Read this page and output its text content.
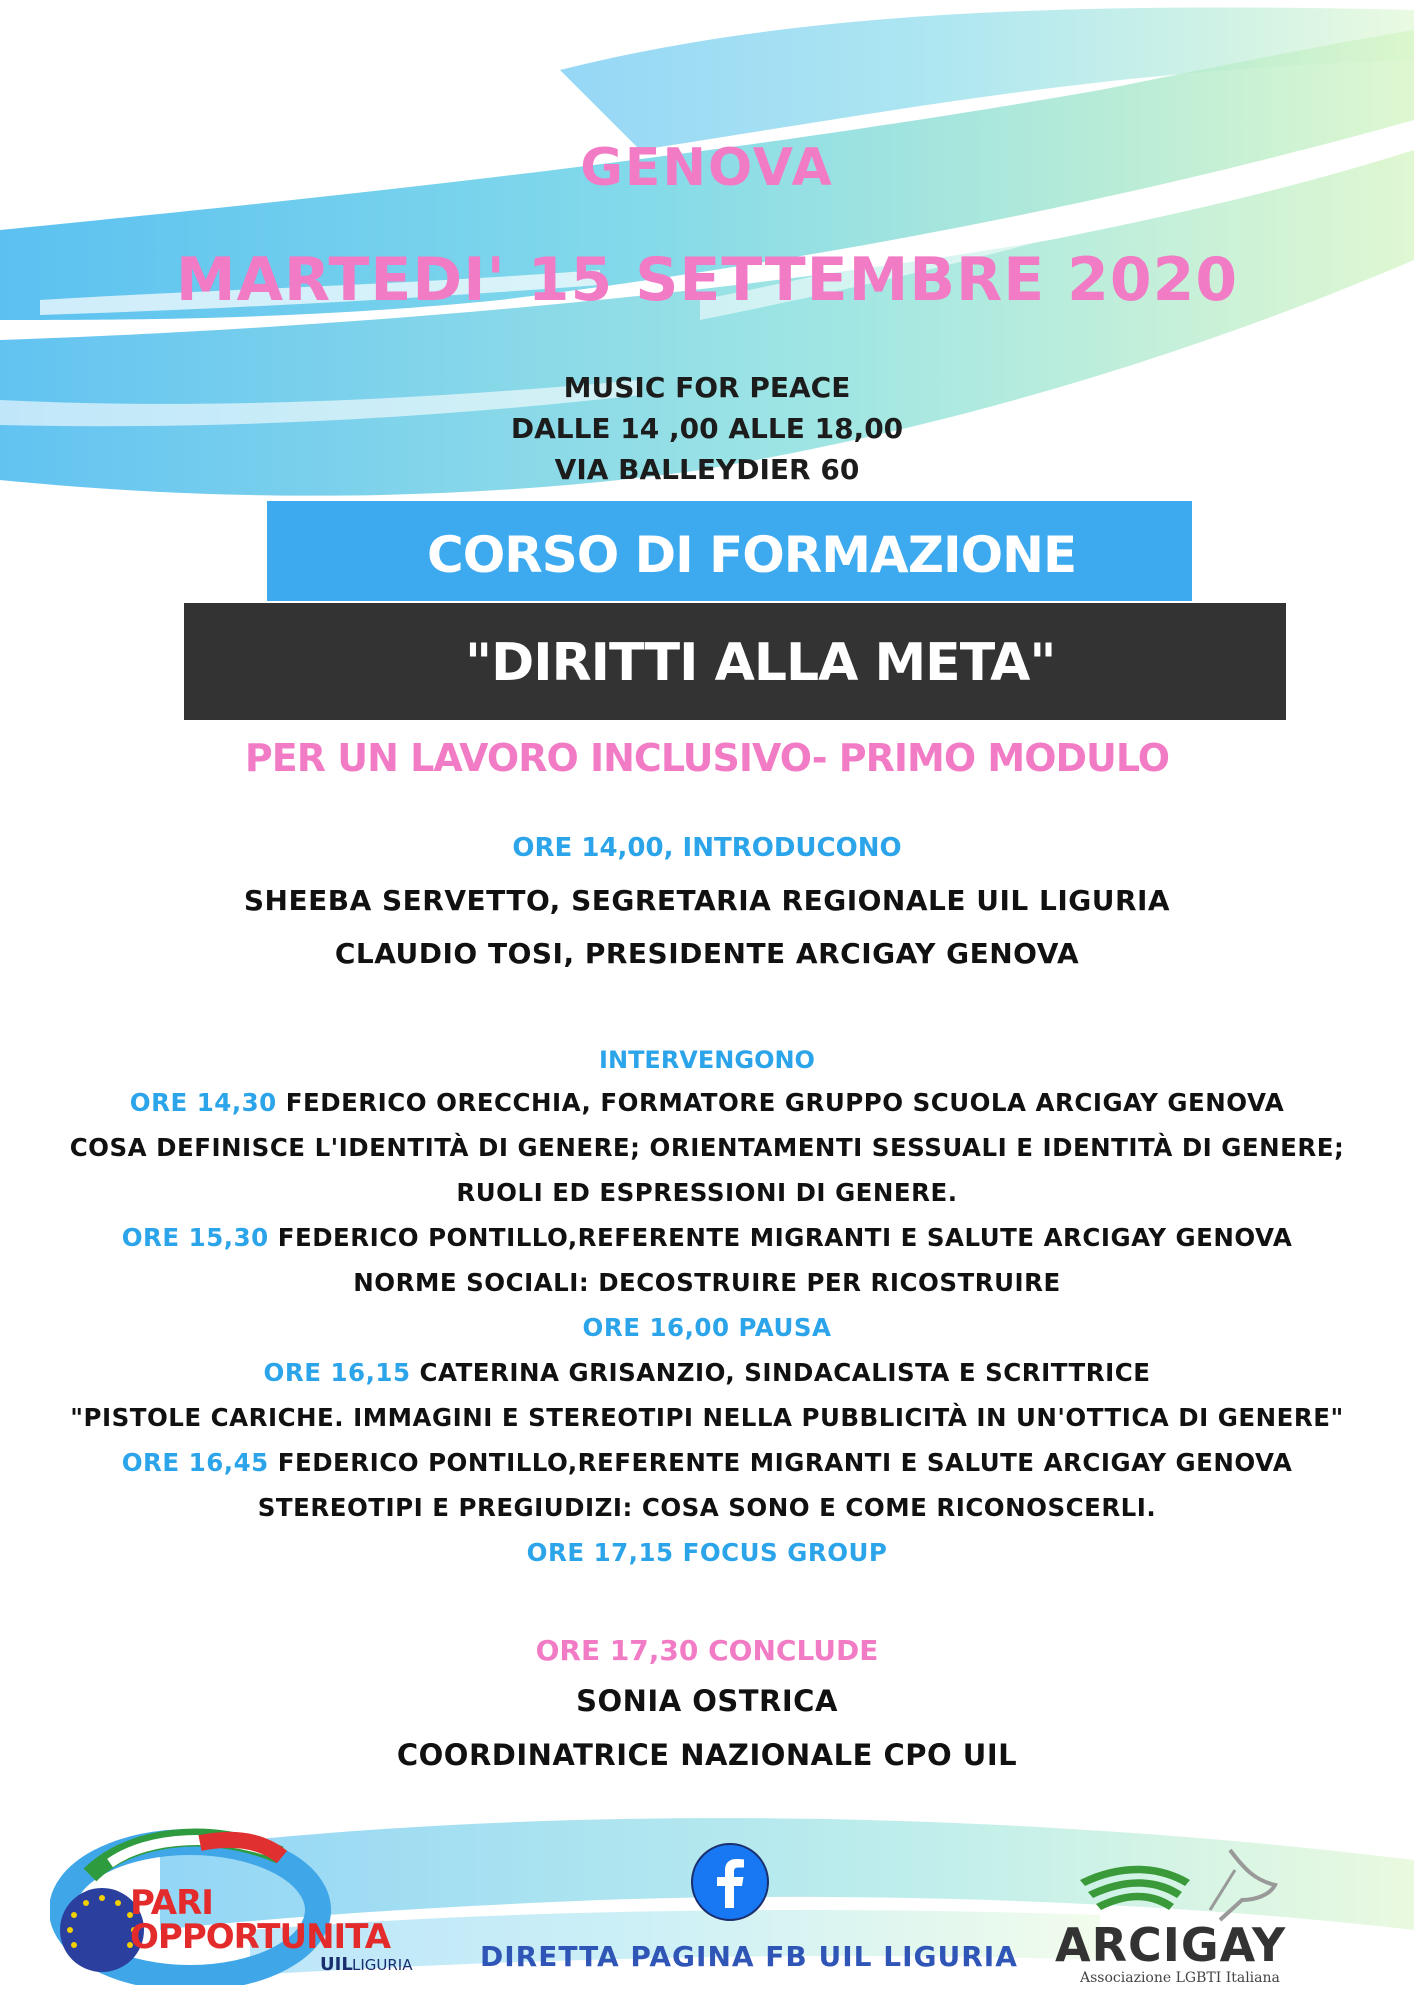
GENOVA
MARTEDI' 15 SETTEMBRE 2020
MUSIC FOR PEACE
DALLE 14 ,00 ALLE 18,00
VIA BALLEYDIER 60
CORSO DI FORMAZIONE
"DIRITTI ALLA META"
PER UN LAVORO INCLUSIVO- PRIMO MODULO
ORE 14,00, INTRODUCONO
SHEEBA SERVETTO, SEGRETARIA REGIONALE UIL LIGURIA
CLAUDIO TOSI, PRESIDENTE ARCIGAY GENOVA
INTERVENGONO
ORE 14,30 FEDERICO ORECCHIA, FORMATORE GRUPPO SCUOLA ARCIGAY GENOVA
COSA DEFINISCE L'IDENTITÀ DI GENERE; ORIENTAMENTI SESSUALI E IDENTITÀ DI GENERE;
RUOLI ED ESPRESSIONI DI GENERE.
ORE 15,30 FEDERICO PONTILLO,REFERENTE MIGRANTI E SALUTE ARCIGAY GENOVA
NORME SOCIALI: DECOSTRUIRE PER RICOSTRUIRE
ORE 16,00 PAUSA
ORE 16,15 CATERINA GRISANZIO, SINDACALISTA E SCRITTRICE
"PISTOLE CARICHE. IMMAGINI E STEREOTIPI NELLA PUBBLICITÀ IN UN'OTTICA DI GENERE"
ORE 16,45 FEDERICO PONTILLO,REFERENTE MIGRANTI E SALUTE ARCIGAY GENOVA
STEREOTIPI E PREGIUDIZI: COSA SONO E COME RICONOSCERLI.
ORE 17,15 FOCUS GROUP
ORE 17,30 CONCLUDE
SONIA OSTRICA
COORDINATRICE NAZIONALE CPO UIL
PARI
OPPORTUNITA
UIL LIGURIA DIRETTA PAGINA FB UIL LIGURIA ARCIGAY
Associazione LGBTI Italiana
